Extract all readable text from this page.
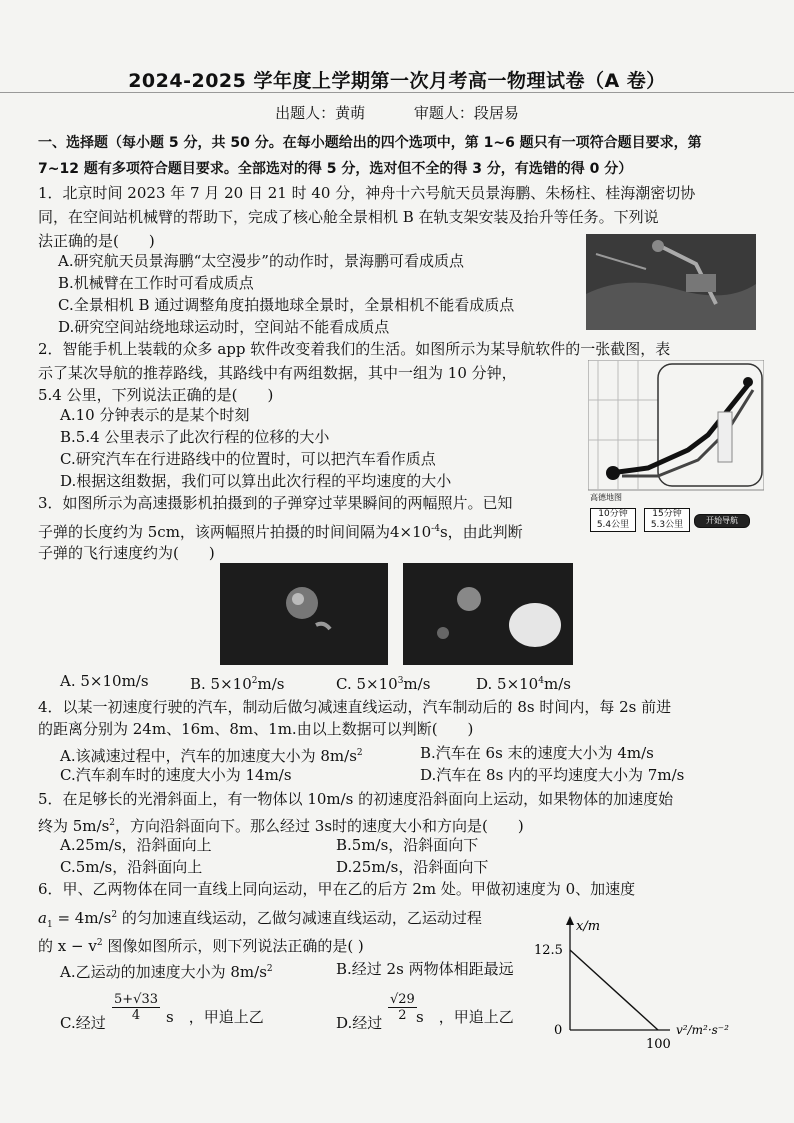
2024-2025 学年度上学期第一次月考高一物理试卷（A 卷）
出题人：黄萌	审题人：段居易
一、选择题（每小题 5 分，共 50 分。在每小题给出的四个选项中，第 1~6 题只有一项符合题目要求，第
7~12 题有多项符合题目要求。全部选对的得 5 分，选对但不全的得 3 分，有选错的得 0 分）
1．北京时间 2023 年 7 月 20 日 21 时 40 分，神舟十六号航天员景海鹏、朱杨柱、桂海潮密切协
同，在空间站机械臂的帮助下，完成了核心舱全景相机 B 在轨支架安装及抬升等任务。下列说
法正确的是(　　)
A.研究航天员景海鹏“太空漫步”的动作时，景海鹏可看成质点
B.机械臂在工作时可看成质点
C.全景相机 B 通过调整角度拍摄地球全景时，全景相机不能看成质点
D.研究空间站绕地球运动时，空间站不能看成质点
2．智能手机上装载的众多 app 软件改变着我们的生活。如图所示为某导航软件的一张截图，表
示了某次导航的推荐路线，其路线中有两组数据，其中一组为 10 分钟，
5.4 公里，下列说法正确的是(　　)
A.10 分钟表示的是某个时刻
B.5.4 公里表示了此次行程的位移的大小
C.研究汽车在行进路线中的位置时，可以把汽车看作质点
D.根据这组数据，我们可以算出此次行程的平均速度的大小
高德地图
10分钟
5.4公里
15分钟
5.3公里	开始导航
3．如图所示为高速摄影机拍摄到的子弹穿过苹果瞬间的两幅照片。已知
子弹的长度约为 5cm，该两幅照片拍摄的时间间隔为$4\times 10^{-4}s$，由此判断
子弹的飞行速度约为(　　)
A. 5×10m/s	B. $5\times 10^2m/s$	C. $5\times 10^3m/s$	D. $5\times 10^4m/s$
4．以某一初速度行驶的汽车，制动后做匀减速直线运动，汽车制动后的 8s 时间内，每 2s 前进
的距离分别为 24m、16m、8m、1m.由以上数据可以判断(　　)
A.该减速过程中，汽车的加速度大小为 $8m/s^2$	B.汽车在 6s 末的速度大小为 4m/s
C.汽车刹车时的速度大小为 14m/s	D.汽车在 8s 内的平均速度大小为 7m/s
5．在足够长的光滑斜面上，有一物体以 10m/s 的初速度沿斜面向上运动，如果物体的加速度始
终为 $5m/s^2$，方向沿斜面向下。那么经过 3s时的速度大小和方向是(　　)
A.25m/s，沿斜面向上	B.5m/s，沿斜面向下
C.5m/s，沿斜面向上	D.25m/s，沿斜面向下
6．甲、乙两物体在同一直线上同向运动，甲在乙的后方 2m 处。甲做初速度为 0、加速度
$a_1 = 4m/s^2$ 的匀加速直线运动，乙做匀减速直线运动，乙运动过程
的 $x - v^2$ 图像如图所示，则下列说法正确的是( )
A.乙运动的加速度大小为 $8m/s^2$	B.经过 2s 两物体相距最远
C.经过 $\frac{5+√33}{4}$ s　，甲追上乙	D.经过 $\frac{√29}{2}$ s　，甲追上乙
x/m
v²/m²·s⁻²
0
12.5
100
